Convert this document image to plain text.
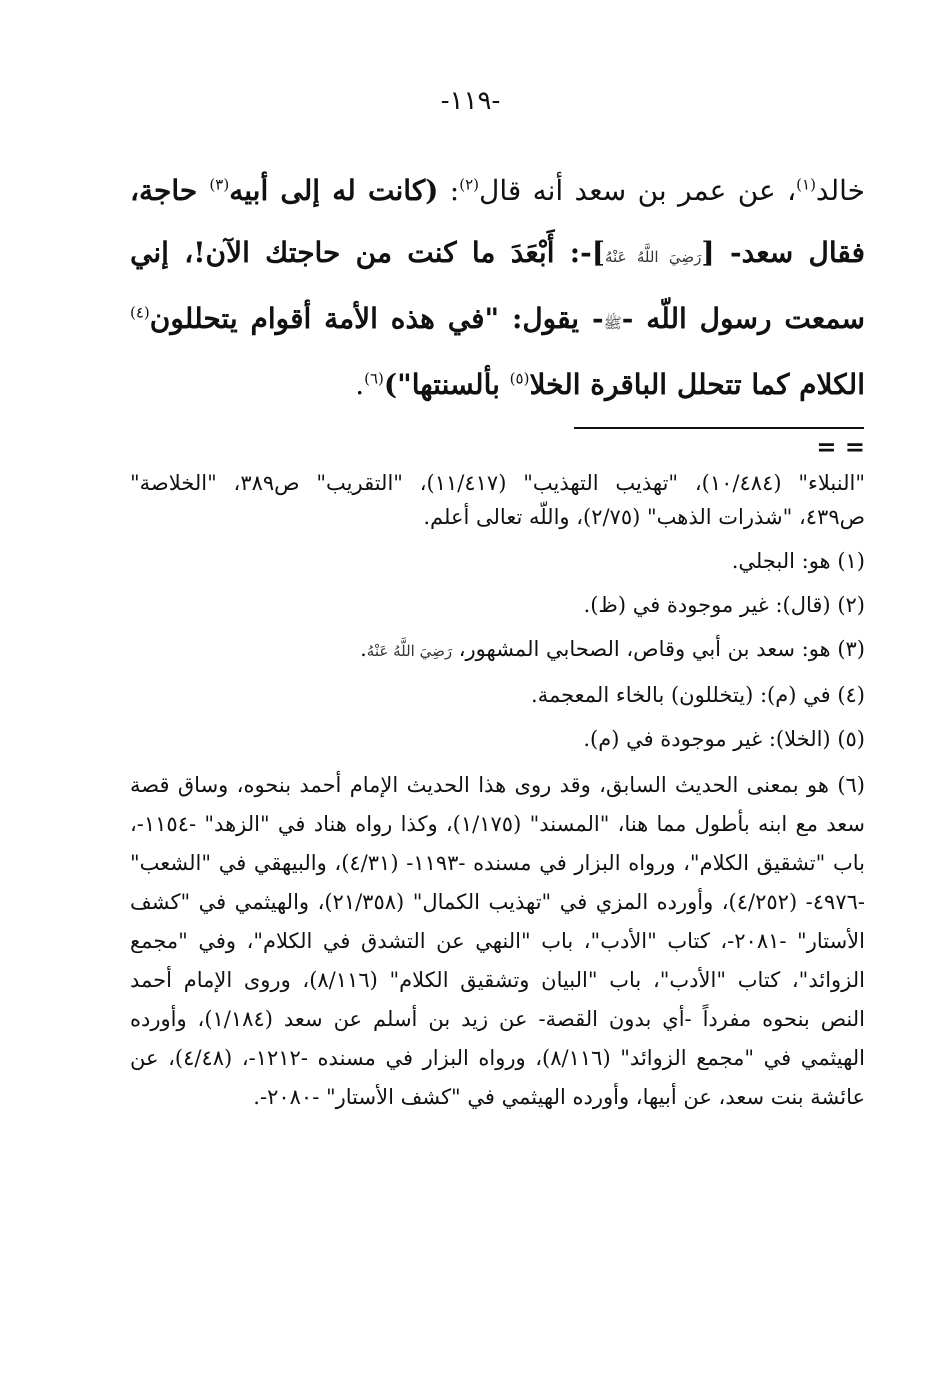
-١١٩-
خالد$^{(١)}$، عن عمر بن سعد أنه قال$^{(٢)}$: (كانت له إلى أبيه$^{(٣)}$ حاجة، فقال سعد- [رَضِيَ اللَّهُ عَنْهُ]-: أَبْعَدَ ما كنت من حاجتك الآن!، إني سمعت رسول اللّه -ﷺ- يقول: "في هذه الأمة أقوام يتحللون$^{(٤)}$ الكلام كما تتحلل الباقرة الخلا$^{(٥)}$ بألسنتها")$^{(٦)}$.
= =

"النبلاء" (١٠/٤٨٤)، "تهذيب التهذيب" (١١/٤١٧)، "التقريب" ص٣٨٩، "الخلاصة" ص٤٣٩، "شذرات الذهب" (٢/٧٥)، واللّه تعالى أعلم.

(١) هو: البجلي.

(٢) (قال): غير موجودة في (ظ).

(٣) هو: سعد بن أبي وقاص، الصحابي المشهور، رَضِيَ اللَّهُ عَنْهُ.

(٤) في (م): (يتخللون) بالخاء المعجمة.

(٥) (الخلا): غير موجودة في (م).

(٦) هو بمعنى الحديث السابق، وقد روى هذا الحديث الإمام أحمد بنحوه، وساق قصة سعد مع ابنه بأطول مما هنا، "المسند" (١/١٧٥)، وكذا رواه هناد في "الزهد" -١١٥٤-، باب "تشقيق الكلام"، ورواه البزار في مسنده -١١٩٣- (٤/٣١)، والبيهقي في "الشعب" -٤٩٧٦- (٤/٢٥٢)، وأورده المزي في "تهذيب الكمال" (٢١/٣٥٨)، والهيثمي في "كشف الأستار" -٢٠٨١-، كتاب "الأدب"، باب "النهي عن التشدق في الكلام"، وفي "مجمع الزوائد"، كتاب "الأدب"، باب "البيان وتشقيق الكلام" (٨/١١٦)، وروى الإمام أحمد النص بنحوه مفرداً -أي بدون القصة- عن زيد بن أسلم عن سعد (١/١٨٤)، وأورده الهيثمي في "مجمع الزوائد" (٨/١١٦)، ورواه البزار في مسنده -١٢١٢-، (٤/٤٨)، عن عائشة بنت سعد، عن أبيها، وأورده الهيثمي في "كشف الأستار" -٢٠٨٠-.
